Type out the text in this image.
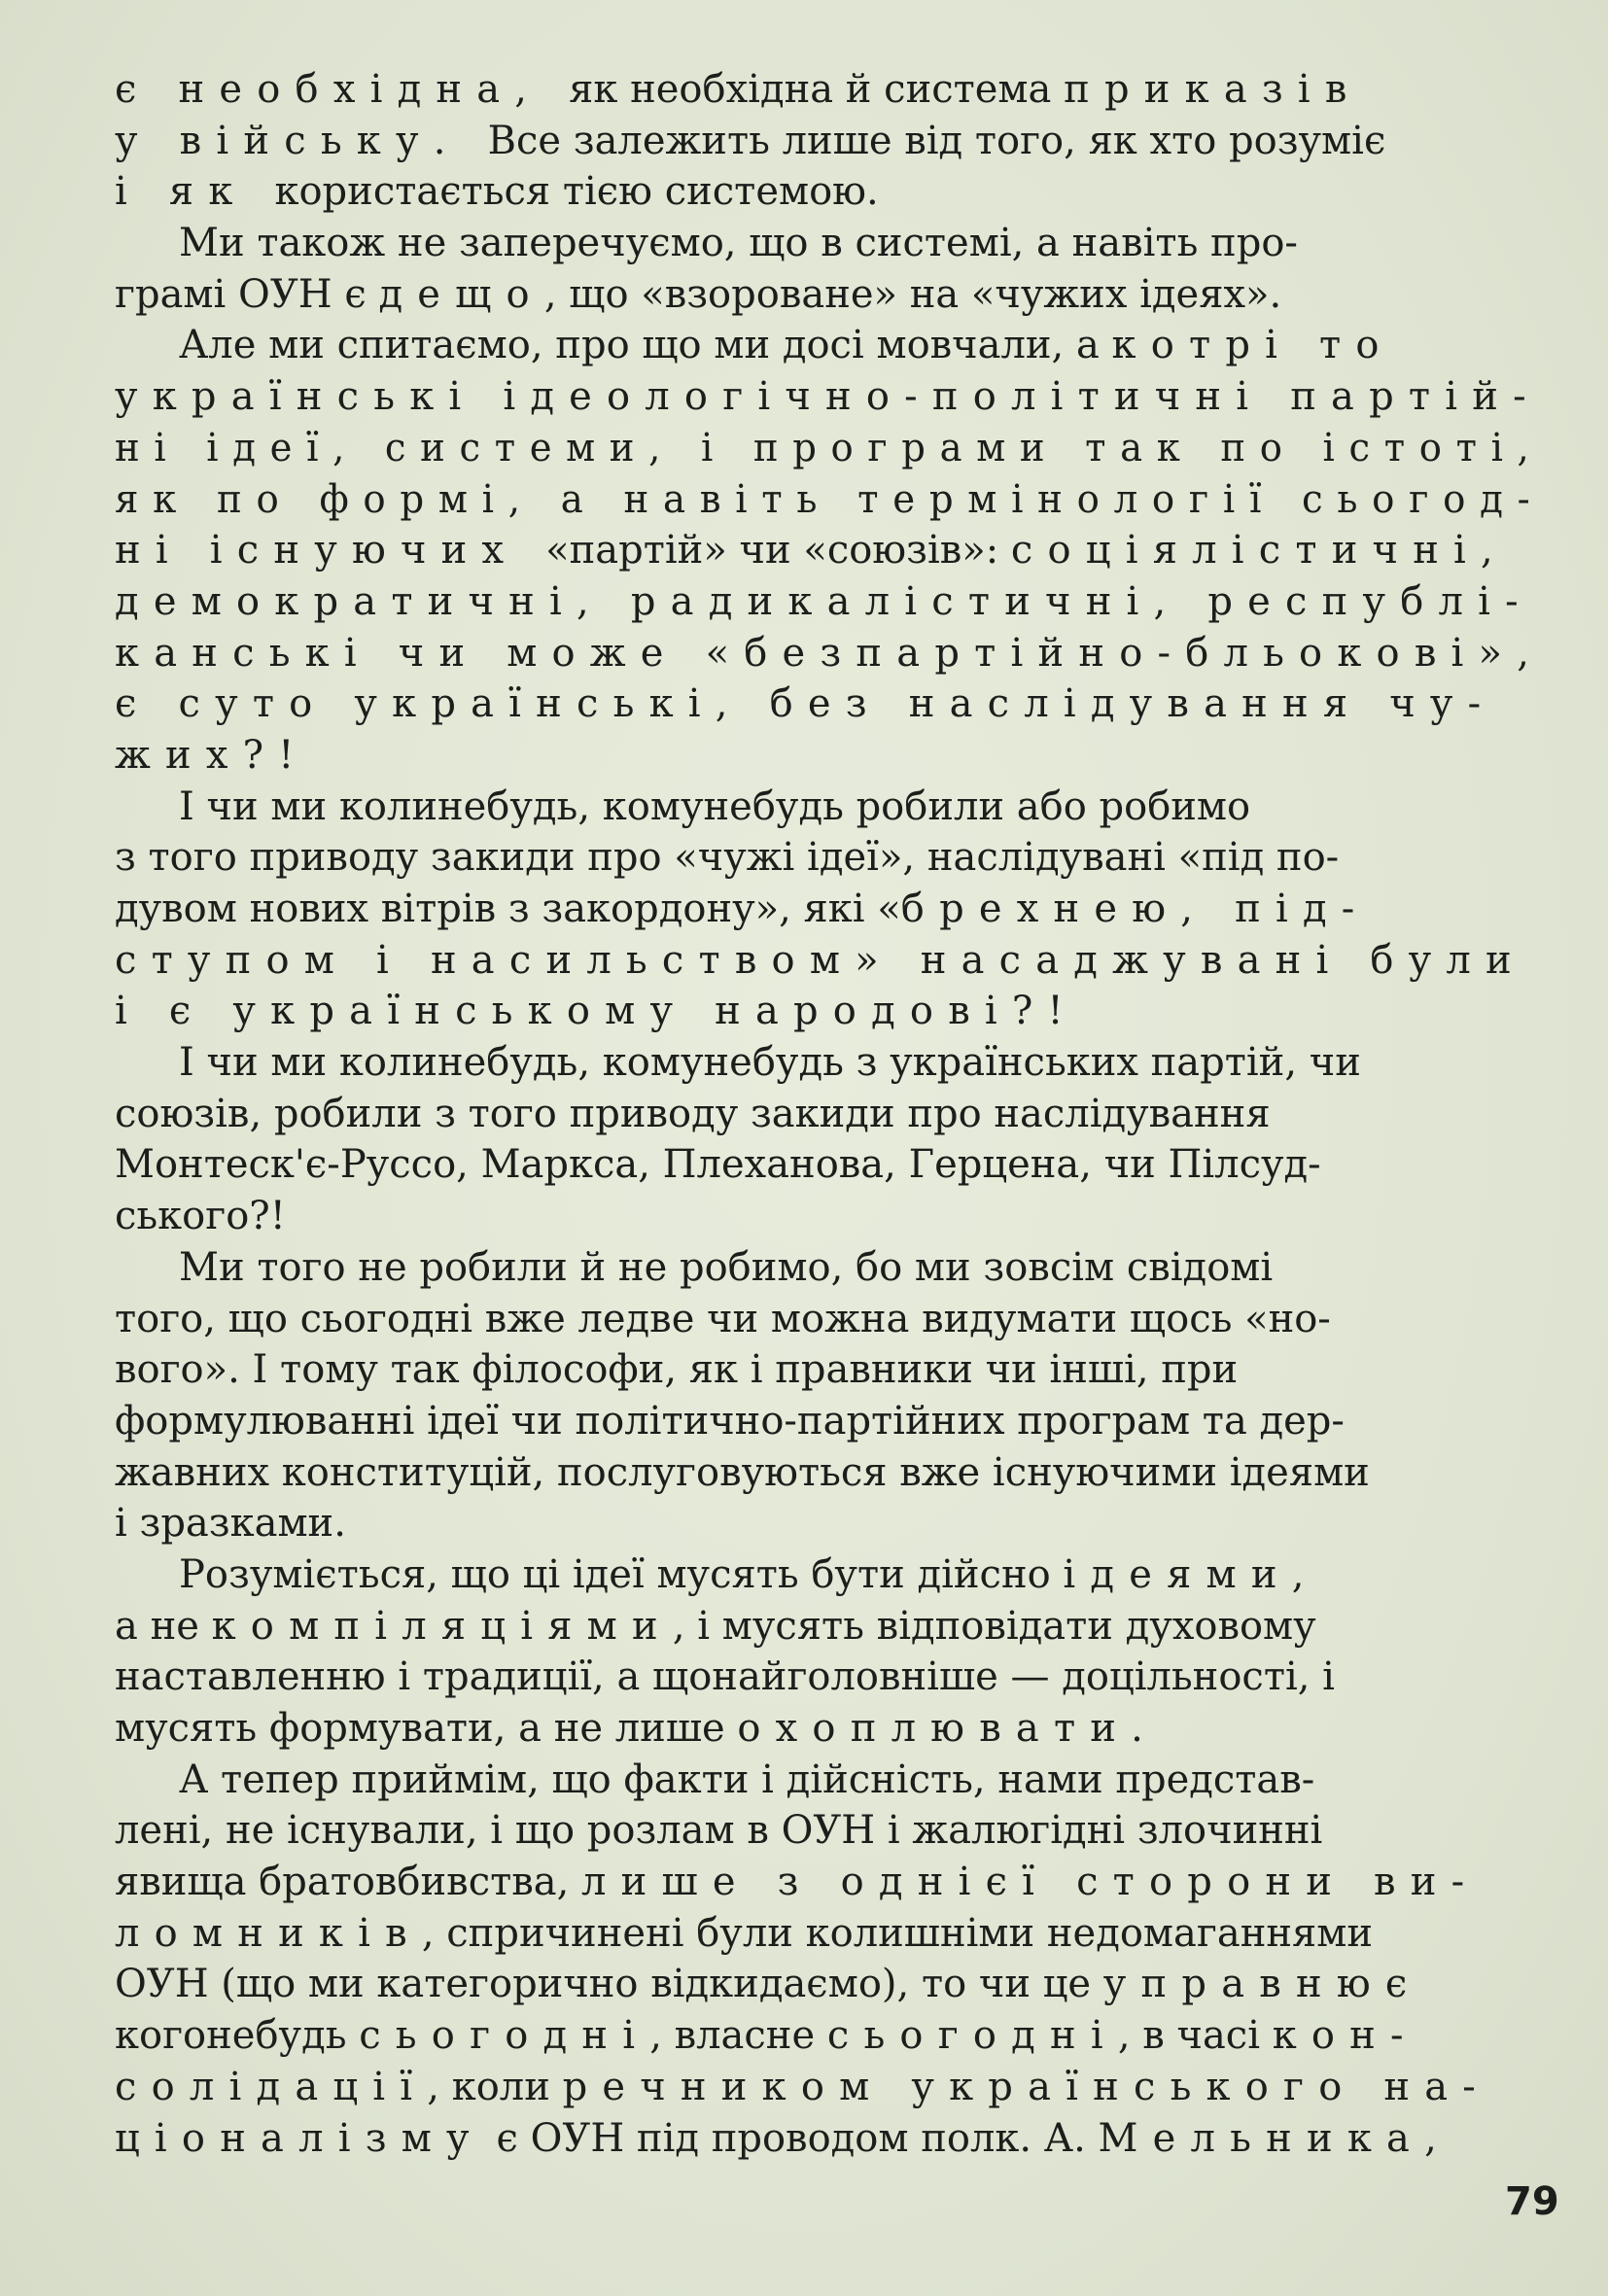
є необхідна, як необхідна й система приказів
у війську. Все залежить лише від того, як хто розуміє
і як користається тією системою.
Ми також не заперечуємо, що в системі, а навіть про-
грамі ОУН є дещо, що «взороване» на «чужих ідеях».
Але ми спитаємо, про що ми досі мовчали, а котрі то
українські ідеологічно-політичні партій-
ні ідеї, системи, і програми так по істоті,
як по формі, а навіть термінології сьогод-
ні існуючих «партій» чи «союзів»: соціялістичні,
демократичні, радикалістичні, республі-
канські чи може «безпартійно-бльокові»,
є суто українські, без наслідування чу-
жих?!
І чи ми колинебудь, комунебудь робили або робимо
з того приводу закиди про «чужі ідеї», наслідувані «під по-
дувом нових вітрів з закордону», які «брехнею, під-
ступом і насильством» насаджувані були
і є українському народові?!
І чи ми колинебудь, комунебудь з українських партій, чи
союзів, робили з того приводу закиди про наслідування
Монтеск'є-Руссо, Маркса, Плеханова, Герцена, чи Пілсуд-
ського?!
Ми того не робили й не робимо, бо ми зовсім свідомі
того, що сьогодні вже ледве чи можна видумати щось «но-
вого». І тому так філософи, як і правники чи інші, при
формулюванні ідеї чи політично-партійних програм та дер-
жавних конституцій, послуговуються вже існуючими ідеями
і зразками.
Розуміється, що ці ідеї мусять бути дійсно ідеями,
а не компіляціями, і мусять відповідати духовому
наставленню і традиції, а щонайголовніше — доцільності, і
мусять формувати, а не лише охоплювати.
А тепер приймім, що факти і дійсність, нами представ-
лені, не існували, і що розлам в ОУН і жалюгідні злочинні
явища братовбивства, лише з однієї сторони ви-
ломників, спричинені були колишніми недомаганнями
ОУН (що ми категорично відкидаємо), то чи це управнює
когонебудь сьогодні, власне сьогодні, в часі кон-
солідації, коли речником українського на-
ціоналізму є ОУН під проводом полк. А. Мельника,
79
